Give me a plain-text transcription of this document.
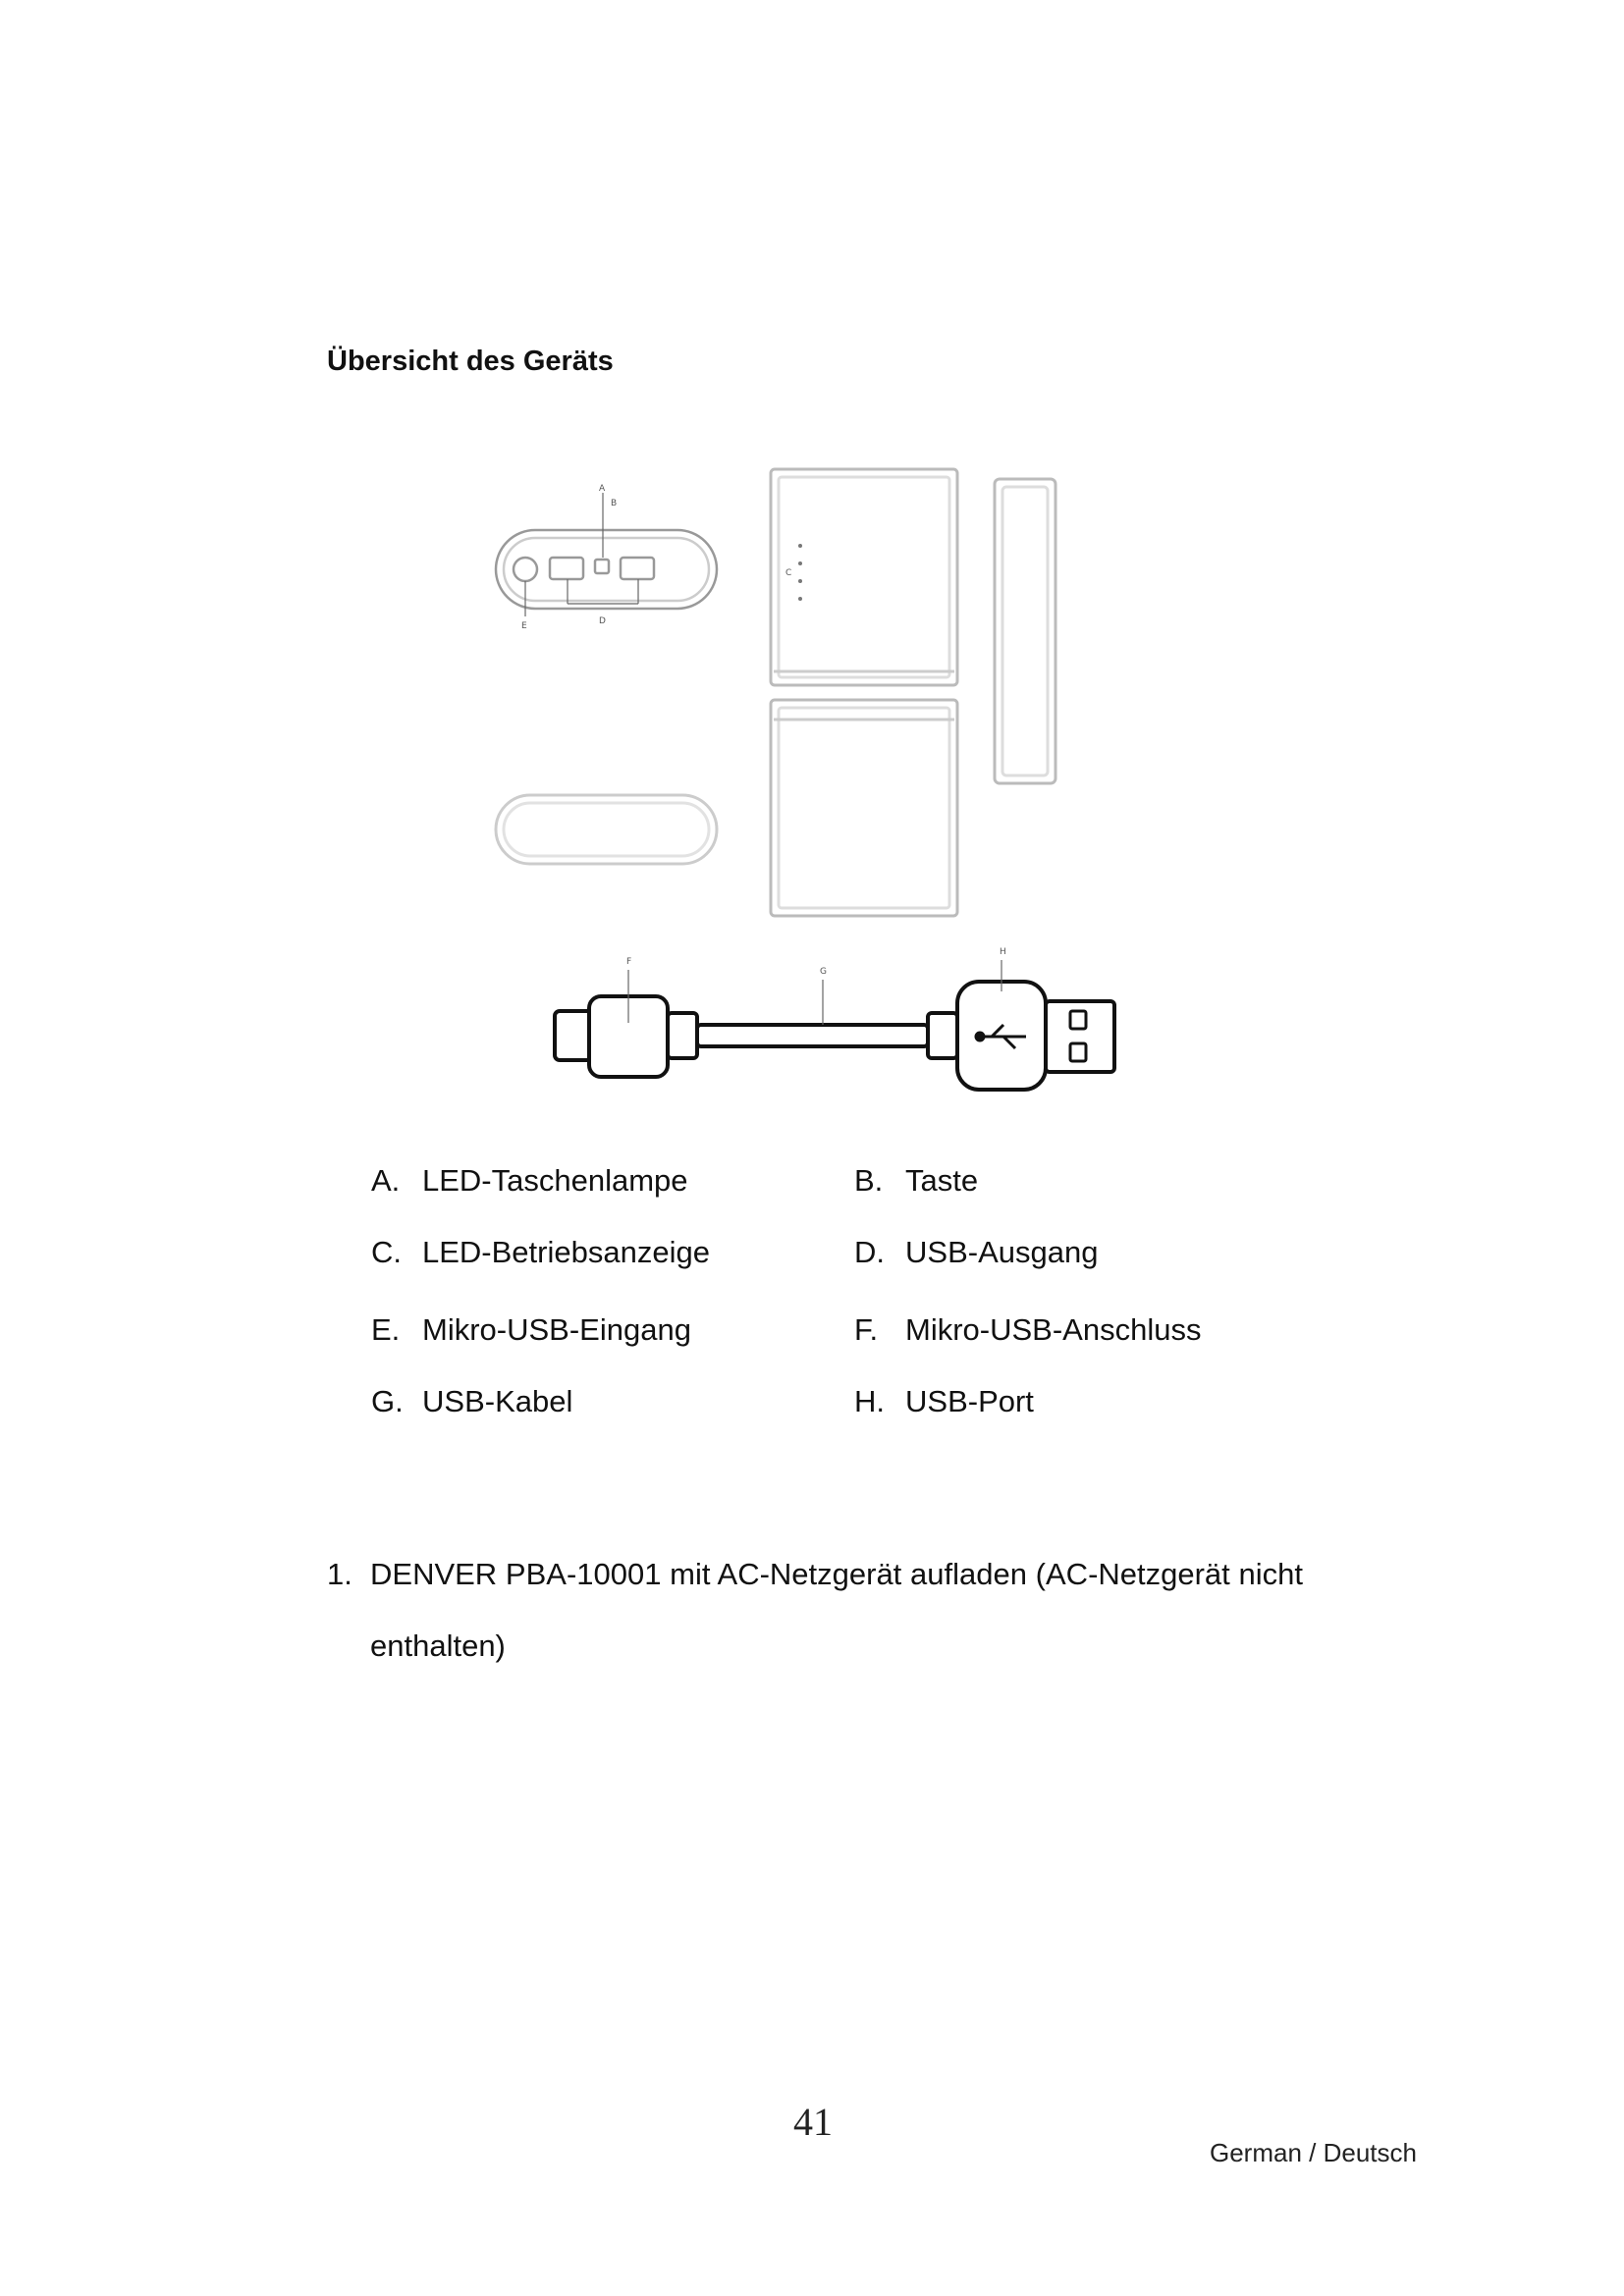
Übersicht des Geräts
A
B
E	D
C
F
G
H
A. LED-Taschenlampe	B. Taste
C. LED-Betriebsanzeige	D. USB-Ausgang
E. Mikro-USB-Eingang	F. Mikro-USB-Anschluss
G. USB-Kabel	H. USB-Port
1. DENVER PBA-10001 mit AC-Netzgerät aufladen (AC-Netzgerät nicht enthalten)
41
German / Deutsch
